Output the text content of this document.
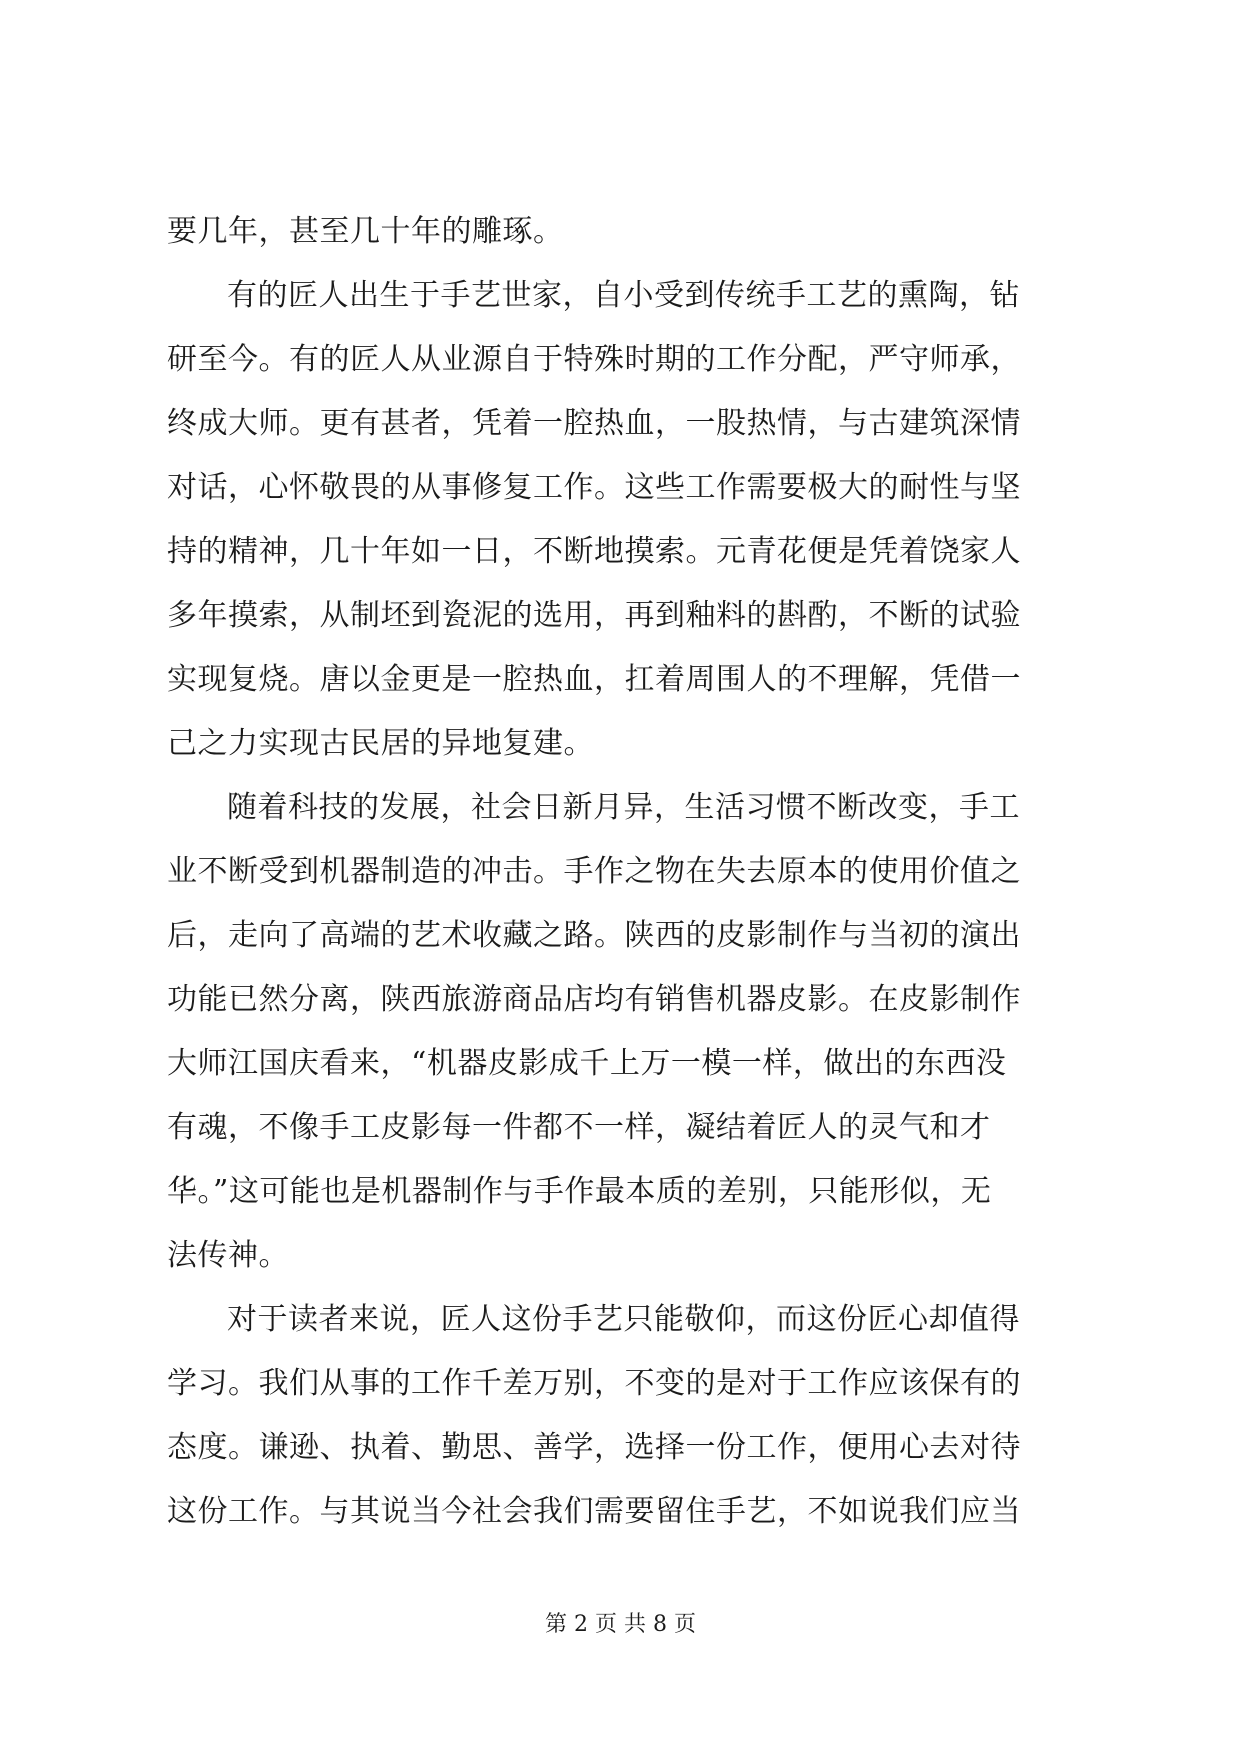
要几年，甚至几十年的雕琢。
有的匠人出生于手艺世家，自小受到传统手工艺的熏陶，钻
研至今。有的匠人从业源自于特殊时期的工作分配，严守师承，
终成大师。更有甚者，凭着一腔热血，一股热情，与古建筑深情
对话，心怀敬畏的从事修复工作。这些工作需要极大的耐性与坚
持的精神，几十年如一日，不断地摸索。元青花便是凭着饶家人
多年摸索，从制坯到瓷泥的选用，再到釉料的斟酌，不断的试验
实现复烧。唐以金更是一腔热血，扛着周围人的不理解，凭借一
己之力实现古民居的异地复建。
随着科技的发展，社会日新月异，生活习惯不断改变，手工
业不断受到机器制造的冲击。手作之物在失去原本的使用价值之
后，走向了高端的艺术收藏之路。陕西的皮影制作与当初的演出
功能已然分离，陕西旅游商品店均有销售机器皮影。在皮影制作
大师江国庆看来，“机器皮影成千上万一模一样，做出的东西没
有魂，不像手工皮影每一件都不一样，凝结着匠人的灵气和才
华。”这可能也是机器制作与手作最本质的差别，只能形似，无
法传神。
对于读者来说，匠人这份手艺只能敬仰，而这份匠心却值得
学习。我们从事的工作千差万别，不变的是对于工作应该保有的
态度。谦逊、执着、勤思、善学，选择一份工作，便用心去对待
这份工作。与其说当今社会我们需要留住手艺，不如说我们应当
第 2 页 共 8 页
